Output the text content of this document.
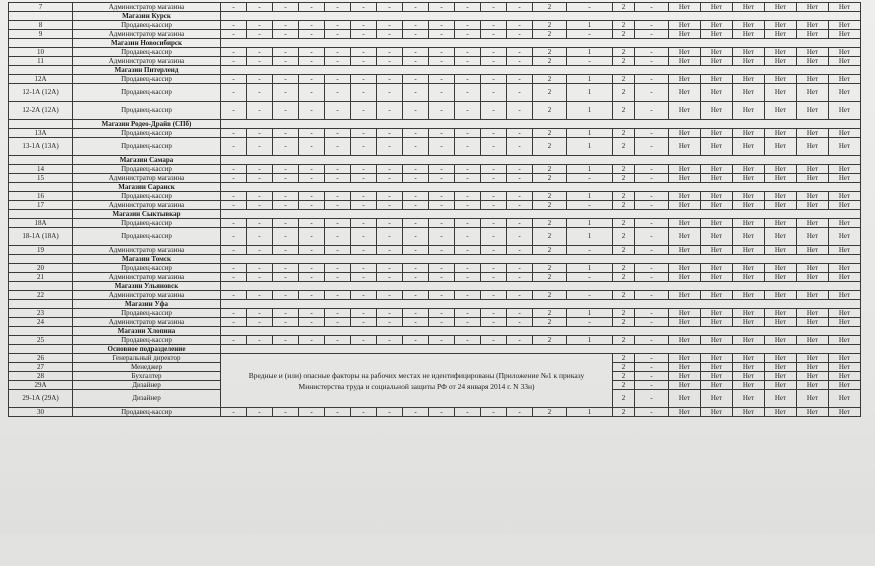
7	Администратор магазина	-	-	-	-	-	-	-	-	-	-	-	-	2	-	2	-	Нет	Нет	Нет	Нет	Нет	Нет
	Магазин Курск																						
8	Продавец-кассир	-	-	-	-	-	-	-	-	-	-	-	-	2	1	2	-	Нет	Нет	Нет	Нет	Нет	Нет
9	Администратор магазина	-	-	-	-	-	-	-	-	-	-	-	-	2	-	2	-	Нет	Нет	Нет	Нет	Нет	Нет
	Магазин Новосибирск																						
10	Продавец-кассир	-	-	-	-	-	-	-	-	-	-	-	-	2	1	2	-	Нет	Нет	Нет	Нет	Нет	Нет
11	Администратор магазина	-	-	-	-	-	-	-	-	-	-	-	-	2	-	2	-	Нет	Нет	Нет	Нет	Нет	Нет
	Магазин Питерленд																						
12А	Продавец-кассир	-	-	-	-	-	-	-	-	-	-	-	-	2	1	2	-	Нет	Нет	Нет	Нет	Нет	Нет
12-1А (12А)	Продавец-кассир	-	-	-	-	-	-	-	-	-	-	-	-	2	1	2	-	Нет	Нет	Нет	Нет	Нет	Нет
12-2А (12А)	Продавец-кассир	-	-	-	-	-	-	-	-	-	-	-	-	2	1	2	-	Нет	Нет	Нет	Нет	Нет	Нет
	Магазин Родео-Драйв (СПб)																						
13А	Продавец-кассир	-	-	-	-	-	-	-	-	-	-	-	-	2	1	2	-	Нет	Нет	Нет	Нет	Нет	Нет
13-1А (13А)	Продавец-кассир	-	-	-	-	-	-	-	-	-	-	-	-	2	1	2	-	Нет	Нет	Нет	Нет	Нет	Нет
	Магазин Самара																						
14	Продавец-кассир	-	-	-	-	-	-	-	-	-	-	-	-	2	1	2	-	Нет	Нет	Нет	Нет	Нет	Нет
15	Администратор магазина	-	-	-	-	-	-	-	-	-	-	-	-	2	-	2	-	Нет	Нет	Нет	Нет	Нет	Нет
	Магазин Саранск																						
16	Продавец-кассир	-	-	-	-	-	-	-	-	-	-	-	-	2	1	2	-	Нет	Нет	Нет	Нет	Нет	Нет
17	Администратор магазина	-	-	-	-	-	-	-	-	-	-	-	-	2	-	2	-	Нет	Нет	Нет	Нет	Нет	Нет
	Магазин Сыктывкар																						
18А	Продавец-кассир	-	-	-	-	-	-	-	-	-	-	-	-	2	1	2	-	Нет	Нет	Нет	Нет	Нет	Нет
18-1А (18А)	Продавец-кассир	-	-	-	-	-	-	-	-	-	-	-	-	2	1	2	-	Нет	Нет	Нет	Нет	Нет	Нет
19	Администратор магазина	-	-	-	-	-	-	-	-	-	-	-	-	2	-	2	-	Нет	Нет	Нет	Нет	Нет	Нет
	Магазин Томск																						
20	Продавец-кассир	-	-	-	-	-	-	-	-	-	-	-	-	2	1	2	-	Нет	Нет	Нет	Нет	Нет	Нет
21	Администратор магазина	-	-	-	-	-	-	-	-	-	-	-	-	2	-	2	-	Нет	Нет	Нет	Нет	Нет	Нет
	Магазин Ульяновск																						
22	Администратор магазина	-	-	-	-	-	-	-	-	-	-	-	-	2	-	2	-	Нет	Нет	Нет	Нет	Нет	Нет
	Магазин Уфа																						
23	Продавец-кассир	-	-	-	-	-	-	-	-	-	-	-	-	2	1	2	-	Нет	Нет	Нет	Нет	Нет	Нет
24	Администратор магазина	-	-	-	-	-	-	-	-	-	-	-	-	2	-	2	-	Нет	Нет	Нет	Нет	Нет	Нет
	Магазин Хлопина																						
25	Продавец-кассир	-	-	-	-	-	-	-	-	-	-	-	-	2	1	2	-	Нет	Нет	Нет	Нет	Нет	Нет
	Основное подразделение																						
26	Генеральный директор	Вредные и (или) опасные факторы на рабочих местах не идентифицированы (Приложение №1 к приказу Министерства труда и социальной защиты РФ от 24 января 2014 г. N 33н)														2	-	Нет	Нет	Нет	Нет	Нет	Нет
27	Менеджер															2	-	Нет	Нет	Нет	Нет	Нет	Нет
28	Бухгалтер															2	-	Нет	Нет	Нет	Нет	Нет	Нет
29А	Дизайнер															2	-	Нет	Нет	Нет	Нет	Нет	Нет
29-1А (29А)	Дизайнер															2	-	Нет	Нет	Нет	Нет	Нет	Нет
30	Продавец-кассир	-	-	-	-	-	-	-	-	-	-	-	-	2	1	2	-	Нет	Нет	Нет	Нет	Нет	Нет
